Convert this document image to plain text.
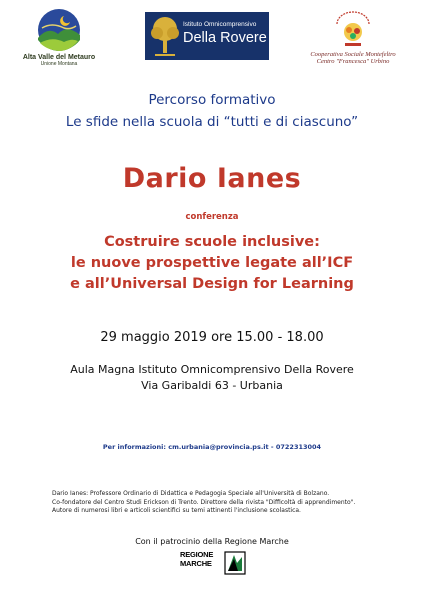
Alta Valle del Metauro
Unione Montana
Istituto Omnicomprensivo
Della Rovere
Cooperativa Sociale Montefeltro
Centro "Francesca" Urbino
Percorso formativo
Le sfide nella scuola di “tutti e di ciascuno”
Dario Ianes
conferenza
Costruire scuole inclusive:
le nuove prospettive legate all’ICF
e all’Universal Design for Learning
29 maggio 2019 ore 15.00 - 18.00
Aula Magna Istituto Omnicomprensivo Della Rovere
Via Garibaldi 63 - Urbania
Per informazioni: cm.urbania@provincia.ps.it - 0722313004
Dario Ianes: Professore Ordinario di Didattica e Pedagogia Speciale all'Università di Bolzano.
Co-fondatore del Centro Studi Erickson di Trento. Direttore della rivista "Difficoltà di apprendimento".
Autore di numerosi libri e articoli scientifici su temi attinenti l'inclusione scolastica.
Con il patrocinio della Regione Marche
REGIONE
MARCHE
